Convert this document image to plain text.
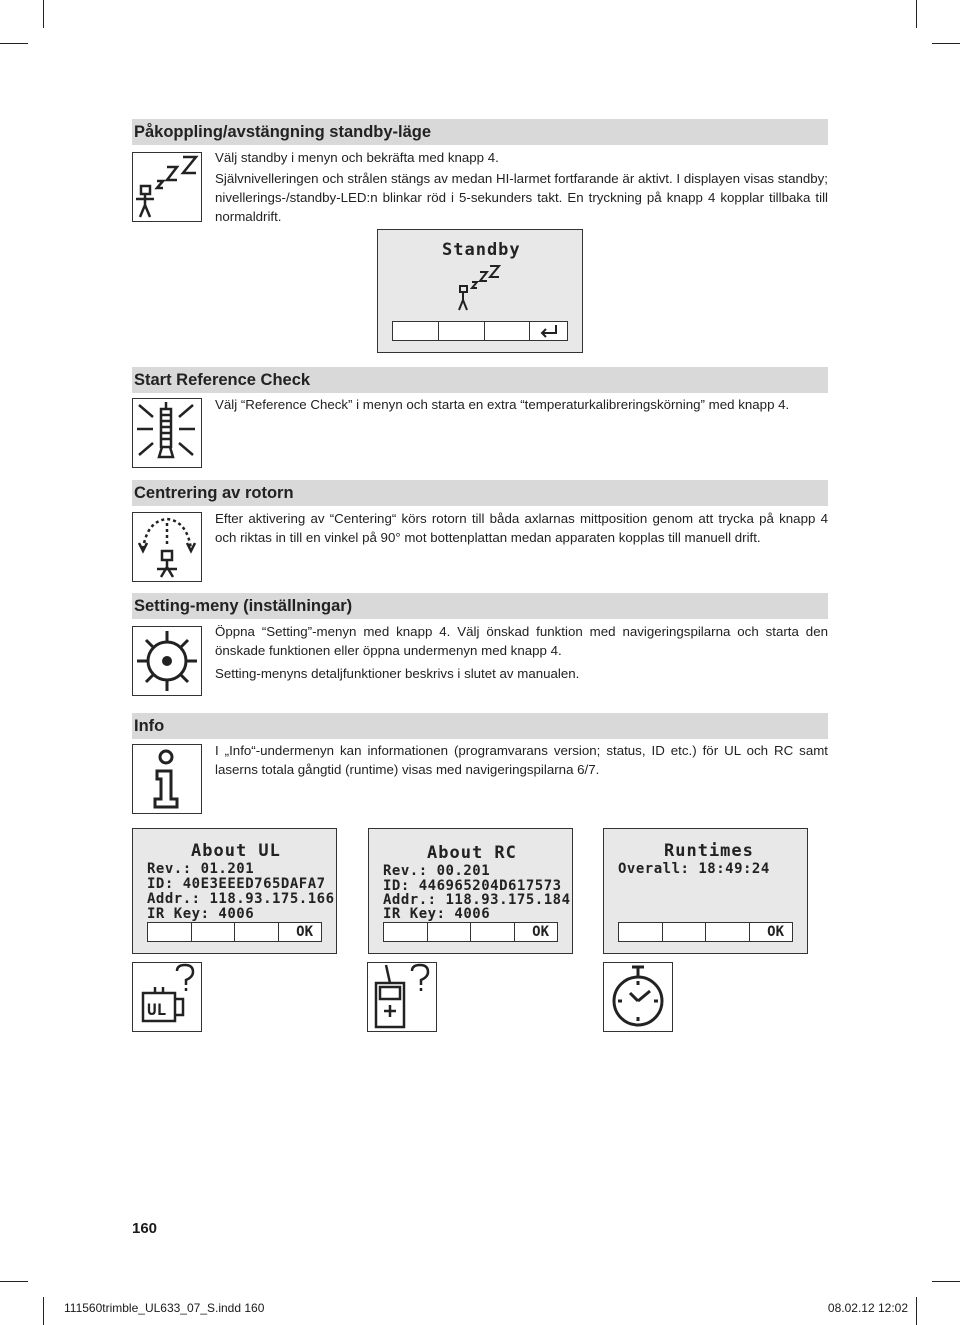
Påkoppling/avstängning standby-läge

Välj standby i menyn och bekräfta med knapp 4.

Självnivelleringen och strålen stängs av medan HI-larmet fortfarande är aktivt. I displayen visas standby; nivellerings-/standby-LED:n blinkar röd i 5-sekunders takt. En tryckning på knapp 4 kopplar tillbaka till normaldrift.

Standby
Start Reference Check

Välj “Reference Check” i menyn och starta en extra “temperaturkalibreringskörning” med knapp 4.

Centrering av rotorn

Efter aktivering av “Centering“ körs rotorn till båda axlarnas mittposition genom att trycka på knapp 4 och riktas in till en vinkel på 90° mot bottenplattan medan apparaten kopplas till manuell drift.

Setting-meny (inställningar)

Öppna “Setting”-menyn med knapp 4. Välj önskad funktion med navigeringspilarna och starta den önskade funktionen eller öppna undermenyn med knapp 4.

Setting-menyns detaljfunktioner beskrivs i slutet av manualen.

Info

I „Info“-undermenyn kan informationen (programvarans version; status, ID etc.) för UL och RC samt laserns totala gångtid (runtime) visas med navigeringspilarna 6/7.

About UL
Rev.: 01.201
ID: 40E3EEED765DAFA7
Addr.: 118.93.175.166
IR Key: 4006
OK
About RC
Rev.: 00.201
ID: 446965204D617573
Addr.: 118.93.175.184
IR Key: 4006
OK
Runtimes
Overall: 18:49:24
OK
UL
160
111560trimble_UL633_07_S.indd 160	08.02.12 12:02
